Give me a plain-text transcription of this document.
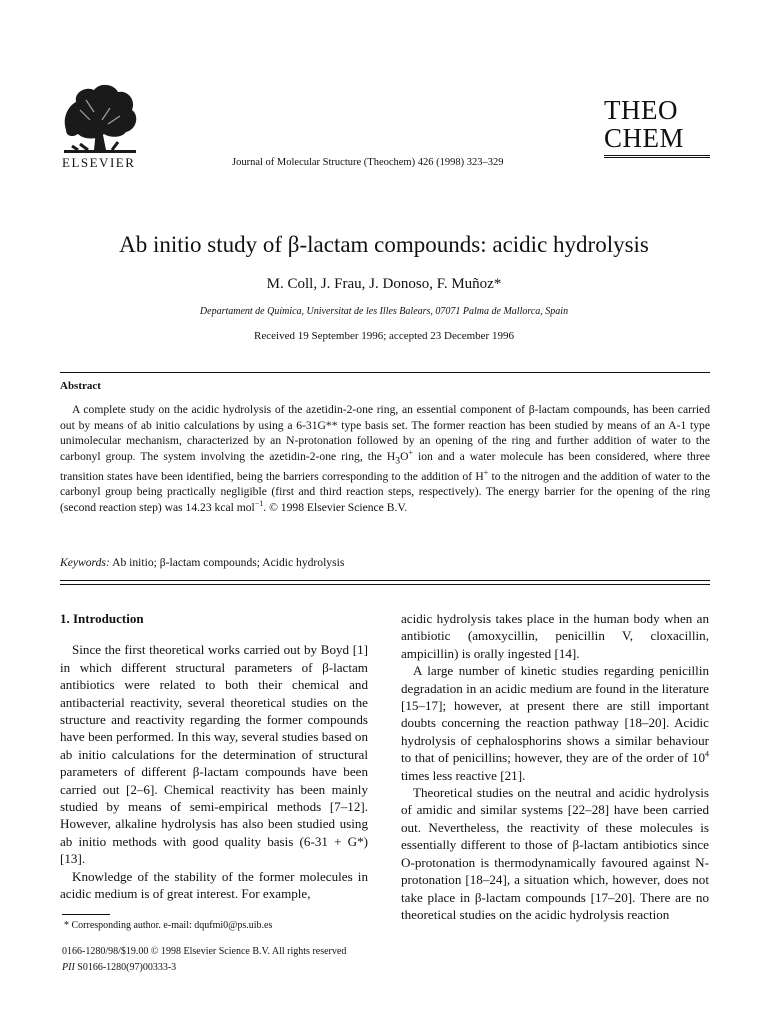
ELSEVIER	Journal of Molecular Structure (Theochem) 426 (1998) 323–329
THEO
CHEM
Ab initio study of β-lactam compounds: acidic hydrolysis
M. Coll, J. Frau, J. Donoso, F. Muñoz*
Departament de Química, Universitat de les Illes Balears, 07071 Palma de Mallorca, Spain
Received 19 September 1996; accepted 23 December 1996
Abstract
A complete study on the acidic hydrolysis of the azetidin-2-one ring, an essential component of β-lactam compounds, has been carried out by means of ab initio calculations by using a 6-31G** type basis set. The former reaction has been studied by means of an A-1 type unimolecular mechanism, characterized by an N-protonation followed by an opening of the ring and further addition of water to the carbonyl group. The system involving the azetidin-2-one ring, the $H_3O^+$ ion and a water molecule has been considered, where three transition states have been identified, being the barriers corresponding to the addition of H+ to the nitrogen and the addition of water to the carbonyl group being practically negligible (first and third reaction steps, respectively). The energy barrier for the opening of the ring (second reaction step) was 14.23 kcal mol$^{-1}$. © 1998 Elsevier Science B.V.
Keywords: Ab initio; β-lactam compounds; Acidic hydrolysis
1. Introduction

Since the first theoretical works carried out by Boyd [1] in which different structural parameters of β-lactam antibiotics were related to both their chemical and antibacterial reactivity, several theoretical studies on the structure and reactivity regarding the former compounds have been performed. In this way, several studies based on ab initio calculations for the determination of structural parameters of different β-lactam compounds have been carried out [2–6]. Chemical reactivity has been mainly studied by means of semi-empirical methods [7–12]. However, alkaline hydrolysis has also been studied using ab initio methods with good quality basis (6-31 + G*) [13].

Knowledge of the stability of the former molecules in acidic medium is of great interest. For example,

acidic hydrolysis takes place in the human body when an antibiotic (amoxycillin, penicillin V, cloxacillin, ampicillin) is orally ingested [14].

A large number of kinetic studies regarding penicillin degradation in an acidic medium are found in the literature [15–17]; however, at present there are still important doubts concerning the reaction pathway [18–20]. Acidic hydrolysis of cephalosphorins shows a similar behaviour to that of penicillins; however, they are of the order of $10^4$ times less reactive [21].

Theoretical studies on the neutral and acidic hydrolysis of amidic and similar systems [22–28] have been carried out. Nevertheless, the reactivity of these molecules is essentially different to those of β-lactam antibiotics since O-protonation is thermodynamically favoured against N-protonation [18–24], a situation which, however, does not take place in β-lactam compounds [17–20]. There are no theoretical studies on the acidic hydrolysis reaction

* Corresponding author. e-mail: dqufmi0@ps.uib.es
0166-1280/98/$19.00 © 1998 Elsevier Science B.V. All rights reserved
PII S0166-1280(97)00333-3
